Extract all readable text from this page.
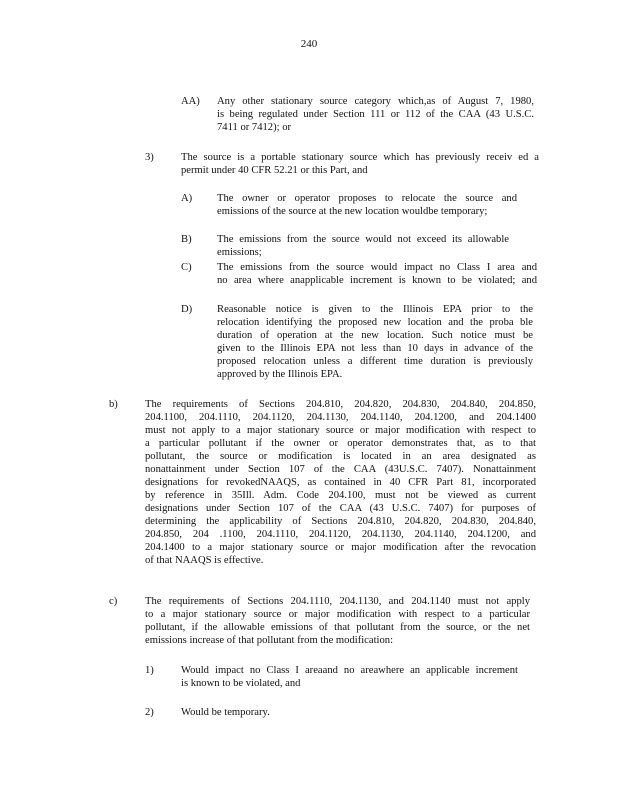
240
AA) Any other stationary source category which,as of August 7, 1980,
is being regulated under Section 111 or 112 of the CAA (43 U.S.C.
7411 or 7412); or
3)	The source is a portable stationary source which has previously receiv ed a
permit under 40 CFR 52.21 or this Part, and
A) The owner or operator proposes to relocate the source and
emissions of the source at the new location wouldbe temporary;
B) The emissions from the source would not exceed its allowable
emissions;
C) The emissions from the source would impact no Class I area and
no area where anapplicable increment is known to be violated; and
D) Reasonable notice is given to the Illinois EPA prior to the
relocation identifying the proposed new location and the proba ble
duration of operation at the new location. Such notice must be
given to the Illinois EPA not less than 10 days in advance of the
proposed relocation unless a different time duration is previously
approved by the Illinois EPA.
b)	The requirements of Sections 204.810, 204.820, 204.830, 204.840, 204.850,
204.1100, 204.1110, 204.1120, 204.1130, 204.1140, 204.1200, and 204.1400
must not apply to a major stationary source or major modification with respect to
a particular pollutant if the owner or operator demonstrates that, as to that
pollutant, the source or modification is located in an area designated as
nonattainment under Section 107 of the CAA (43U.S.C. 7407). Nonattainment
designations for revokedNAAQS, as contained in 40 CFR Part 81, incorporated
by reference in 35Ill. Adm. Code 204.100, must not be viewed as current
designations under Section 107 of the CAA (43 U.S.C. 7407) for purposes of
determining the applicability of Sections 204.810, 204.820, 204.830, 204.840,
204.850, 204 .1100, 204.1110, 204.1120, 204.1130, 204.1140, 204.1200, and
204.1400 to a major stationary source or major modification after the revocation
of that NAAQS is effective.
c)	The requirements of Sections 204.1110, 204.1130, and 204.1140 must not apply
to a major stationary source or major modification with respect to a particular
pollutant, if the allowable emissions of that pollutant from the source, or the net
emissions increase of that pollutant from the modification:
1)	Would impact no Class I areaand no areawhere an applicable increment
is known to be violated, and
2)	Would be temporary.
